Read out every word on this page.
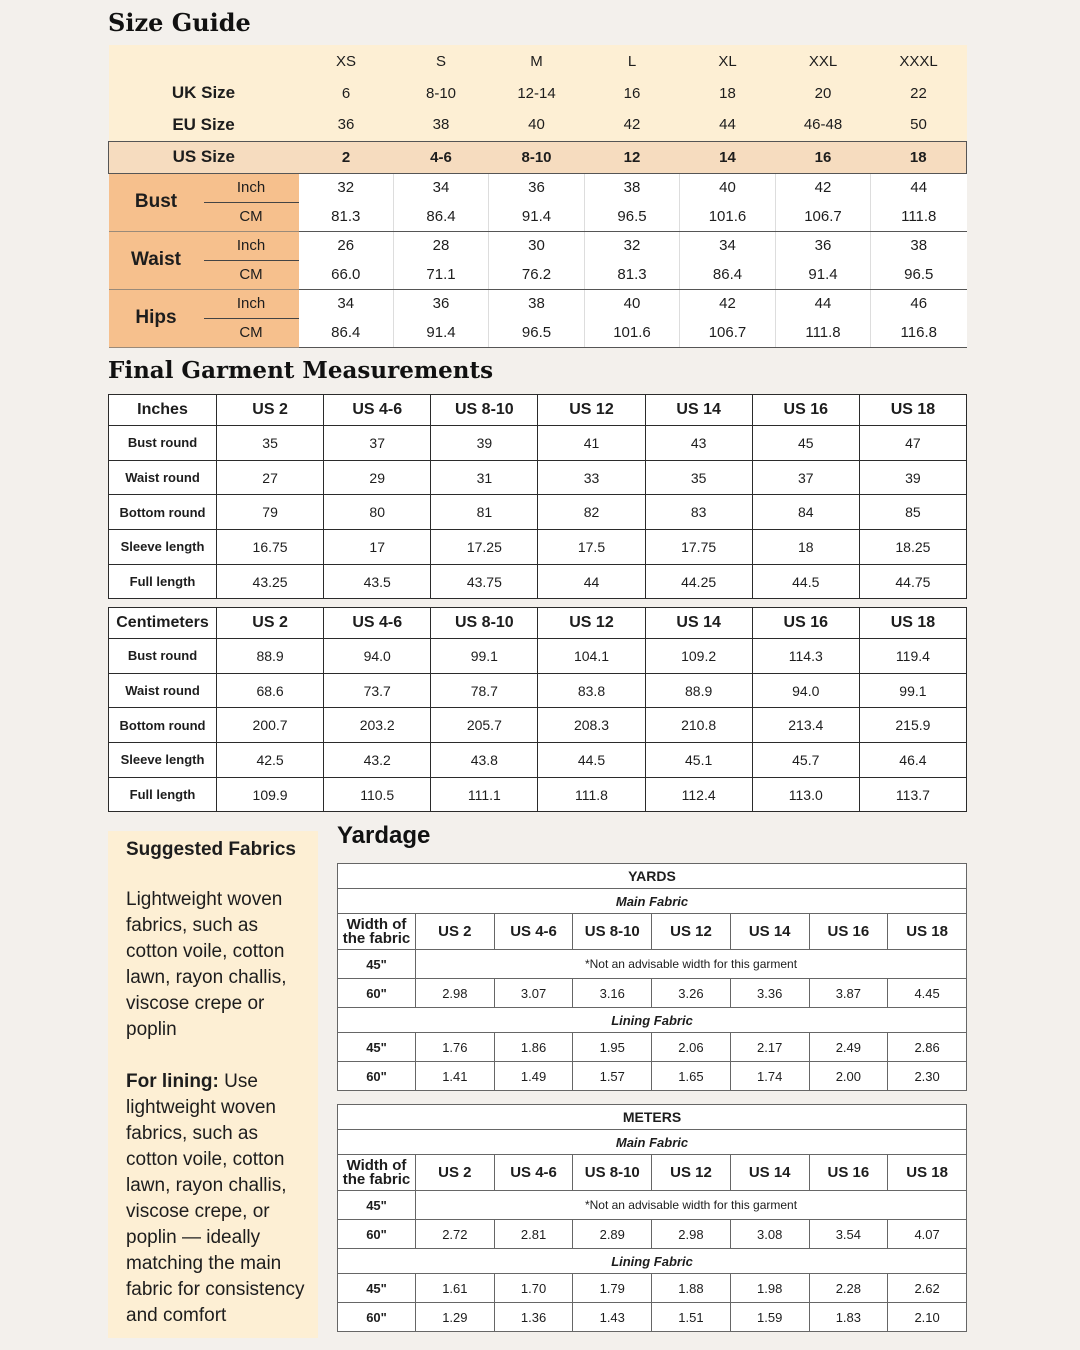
Size Guide
Final Garment Measurements
Yardage
		XS	S	M	L	XL	XXL	XXXL
UK Size		6	8-10	12-14	16	18	20	22
EU Size		36	38	40	42	44	46-48	50
US Size		2	4-6	8-10	12	14	16	18
Bust	Inch	32	34	36	38	40	42	44
	CM	81.3	86.4	91.4	96.5	101.6	106.7	111.8
Waist	Inch	26	28	30	32	34	36	38
	CM	66.0	71.1	76.2	81.3	86.4	91.4	96.5
Hips	Inch	34	36	38	40	42	44	46
	CM	86.4	91.4	96.5	101.6	106.7	111.8	116.8
Inches	US 2	US 4-6	US 8-10	US 12	US 14	US 16	US 18
Bust round	35	37	39	41	43	45	47
Waist round	27	29	31	33	35	37	39
Bottom round	79	80	81	82	83	84	85
Sleeve length	16.75	17	17.25	17.5	17.75	18	18.25
Full length	43.25	43.5	43.75	44	44.25	44.5	44.75
Centimeters	US 2	US 4-6	US 8-10	US 12	US 14	US 16	US 18
Bust round	88.9	94.0	99.1	104.1	109.2	114.3	119.4
Waist round	68.6	73.7	78.7	83.8	88.9	94.0	99.1
Bottom round	200.7	203.2	205.7	208.3	210.8	213.4	215.9
Sleeve length	42.5	43.2	43.8	44.5	45.1	45.7	46.4
Full length	109.9	110.5	111.1	111.8	112.4	113.0	113.7
Suggested Fabrics
Lightweight woven fabrics, such as cotton voile, cotton lawn, rayon challis, viscose crepe or poplin
For lining: Use lightweight woven fabrics, such as cotton voile, cotton lawn, rayon challis, viscose crepe, or poplin — ideally matching the main fabric for consistency and comfort
YARDS							
Main Fabric							
Width of
the fabric	US 2	US 4-6	US 8-10	US 12	US 14	US 16	US 18
45"	*Not an advisable width for this garment						
60"	2.98	3.07	3.16	3.26	3.36	3.87	4.45
Lining Fabric							
45"	1.76	1.86	1.95	2.06	2.17	2.49	2.86
60"	1.41	1.49	1.57	1.65	1.74	2.00	2.30
METERS							
Main Fabric							
Width of
the fabric	US 2	US 4-6	US 8-10	US 12	US 14	US 16	US 18
45"	*Not an advisable width for this garment						
60"	2.72	2.81	2.89	2.98	3.08	3.54	4.07
Lining Fabric							
45"	1.61	1.70	1.79	1.88	1.98	2.28	2.62
60"	1.29	1.36	1.43	1.51	1.59	1.83	2.10
